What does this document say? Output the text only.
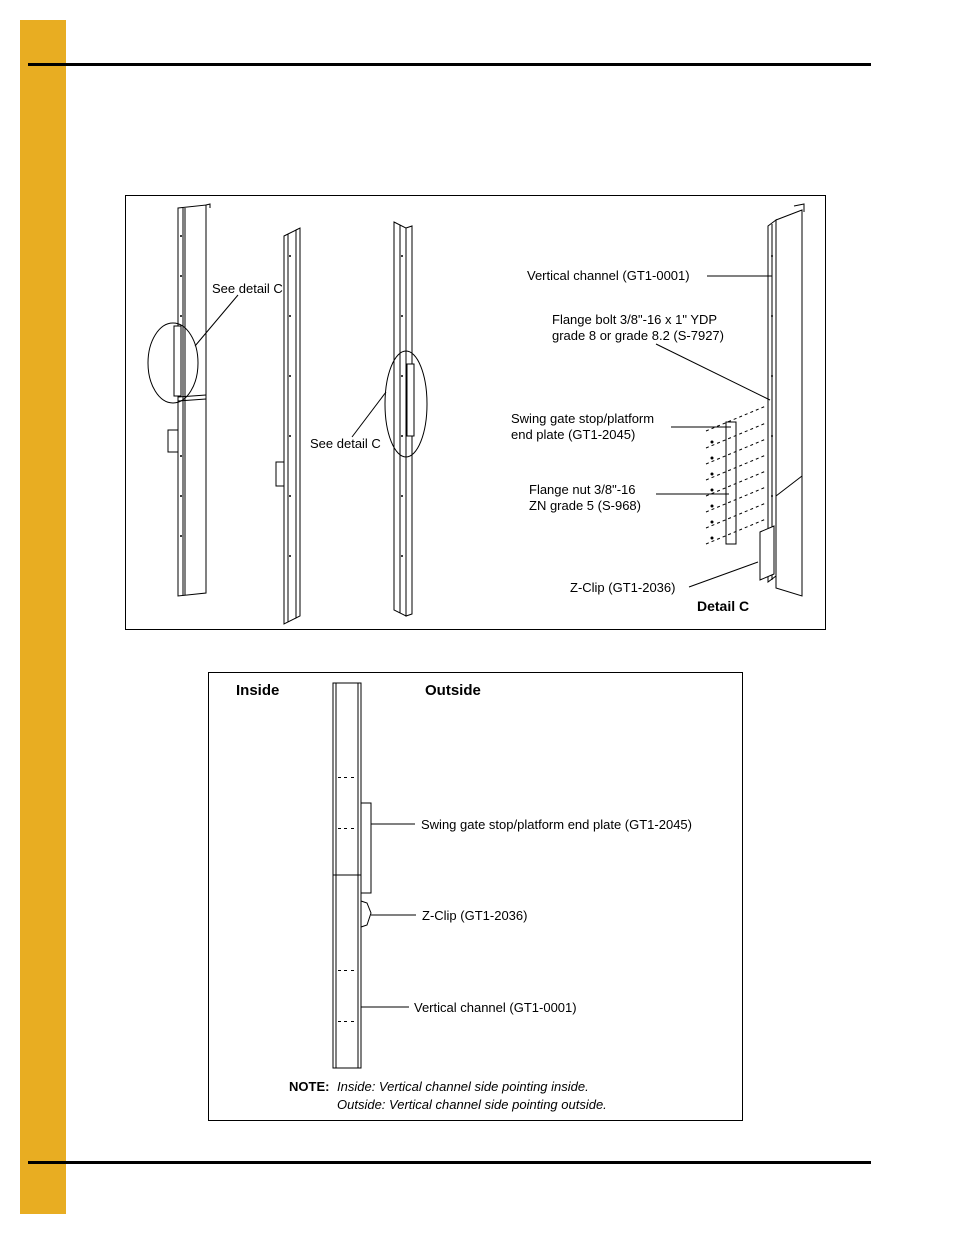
See detail C
See detail C
Vertical channel (GT1-0001)
Flange bolt 3/8"-16 x 1" YDP
grade 8 or grade 8.2 (S-7927)
Swing gate stop/platform
end plate (GT1-2045)
Flange nut 3/8"-16
ZN grade 5 (S-968)
Z-Clip (GT1-2036)
Detail C
Inside	Outside
Swing gate stop/platform end plate (GT1-2045)
Z-Clip (GT1-2036)
Vertical channel (GT1-0001)
NOTE: Inside: Vertical channel side pointing inside.
Outside: Vertical channel side pointing outside.
